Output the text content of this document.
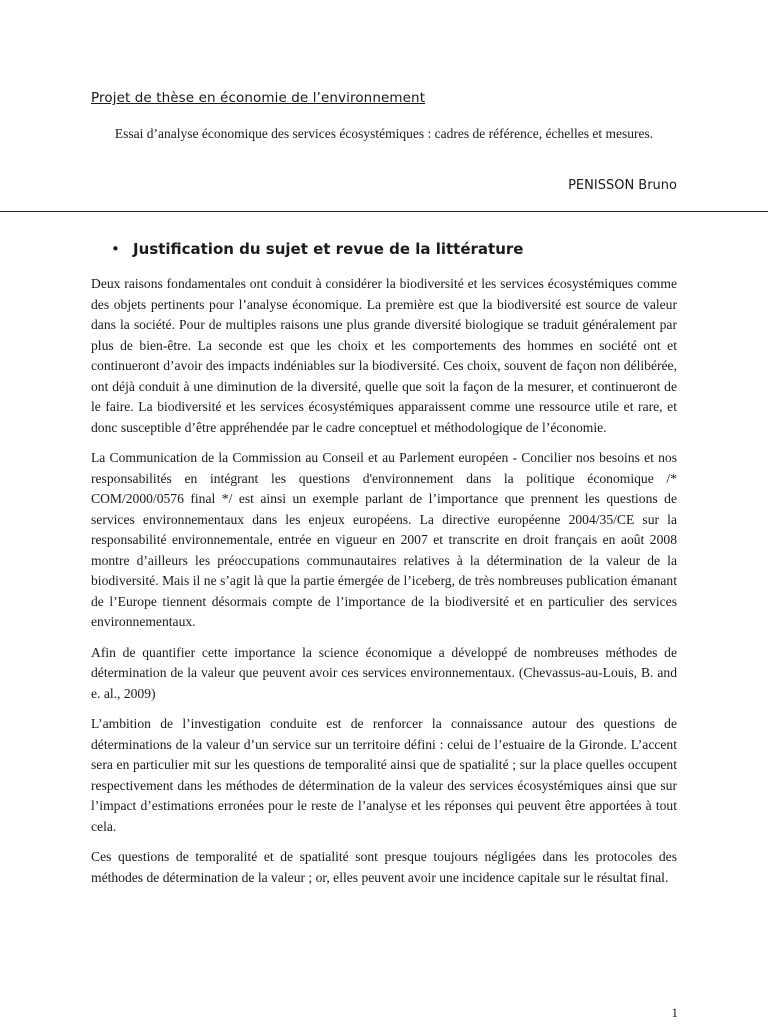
Projet de thèse en économie de l’environnement
Essai d’analyse économique des services écosystémiques : cadres de référence, échelles et mesures.
PENISSON Bruno
• Justification du sujet et revue de la littérature

Deux raisons fondamentales ont conduit à considérer la biodiversité et les services écosystémiques comme des objets pertinents pour l’analyse économique. La première est que la biodiversité est source de valeur dans la société. Pour de multiples raisons une plus grande diversité biologique se traduit généralement par plus de bien-être. La seconde est que les choix et les comportements des hommes en société ont et continueront d’avoir des impacts indéniables sur la biodiversité. Ces choix, souvent de façon non délibérée, ont déjà conduit à une diminution de la diversité, quelle que soit la façon de la mesurer, et continueront de le faire. La biodiversité et les services écosystémiques apparaissent comme une ressource utile et rare, et donc susceptible d’être appréhendée par le cadre conceptuel et méthodologique de l’économie.

La Communication de la Commission au Conseil et au Parlement européen - Concilier nos besoins et nos responsabilités en intégrant les questions d'environnement dans la politique économique /* COM/2000/0576 final */ est ainsi un exemple parlant de l’importance que prennent les questions de services environnementaux dans les enjeux européens. La directive européenne 2004/35/CE sur la responsabilité environnementale, entrée en vigueur en 2007 et transcrite en droit français en août 2008 montre d’ailleurs les préoccupations communautaires relatives à la détermination de la valeur de la biodiversité. Mais il ne s’agit là que la partie émergée de l’iceberg, de très nombreuses publication émanant de l’Europe tiennent désormais compte de l’importance de la biodiversité et en particulier des services environnementaux.

Afin de quantifier cette importance la science économique a développé de nombreuses méthodes de détermination de la valeur que peuvent avoir ces services environnementaux. (Chevassus-au-Louis, B. and e. al., 2009)

L’ambition de l’investigation conduite est de renforcer la connaissance autour des questions de déterminations de la valeur d’un service sur un territoire défini : celui de l’estuaire de la Gironde. L’accent sera en particulier mit sur les questions de temporalité ainsi que de spatialité ; sur la place quelles occupent respectivement dans les méthodes de détermination de la valeur des services écosystémiques ainsi que sur l’impact d’estimations erronées pour le reste de l’analyse et les réponses qui peuvent être apportées à tout cela.

Ces questions de temporalité et de spatialité sont presque toujours négligées dans les protocoles des méthodes de détermination de la valeur ; or, elles peuvent avoir une incidence capitale sur le résultat final.

1
